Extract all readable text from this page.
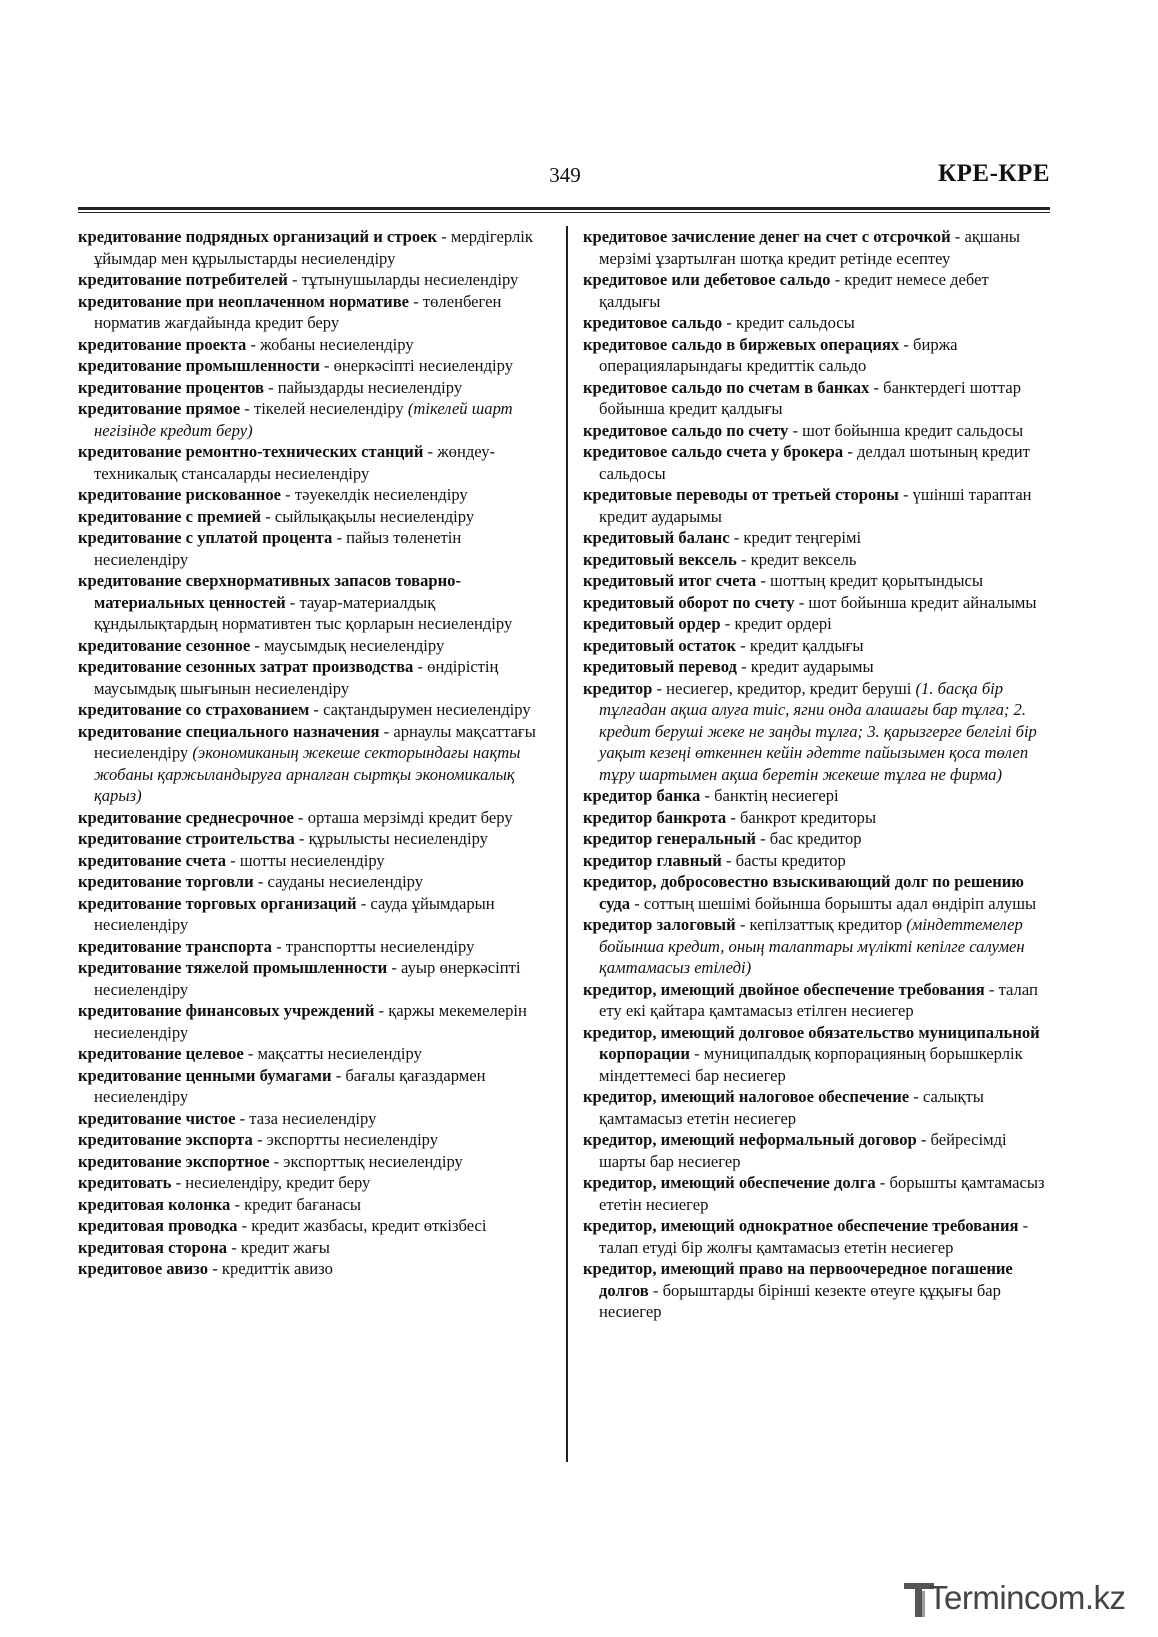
349	КРЕ-КРЕ

кредитование подрядных организаций и строек - мердігерлік ұйымдар мен құрылыстарды несиелендіру

кредитование потребителей - тұтынушыларды несиелендіру

кредитование при неоплаченном нормативе - төленбеген норматив жағдайында кредит беру

кредитование проекта - жобаны несиелендіру

кредитование промышленности - өнеркәсіпті несиелендіру

кредитование процентов - пайыздарды несиелендіру

кредитование прямое - тікелей несиелендіру (тікелей шарт негізінде кредит беру)

кредитование ремонтно-технических станций - жөндеу-техникалық стансаларды несиелендіру

кредитование рискованное - тәуекелдік несиелендіру

кредитование с премией - сыйлықақылы несиелендіру

кредитование с уплатой процента - пайыз төленетін несиелендіру

кредитование сверхнормативных запасов товарно-материальных ценностей - тауар-материалдық құндылықтардың нормативтен тыс қорларын несиелендіру

кредитование сезонное - маусымдық несиелендіру

кредитование сезонных затрат производства - өндірістің маусымдық шығынын несиелендіру

кредитование со страхованием - сақтандырумен несиелендіру

кредитование специального назначения - арнаулы мақсаттағы несиелендіру (экономиканың жекеше секторындағы нақты жобаны қаржыландыруға арналған сыртқы экономикалық қарыз)

кредитование среднесрочное - орташа мерзімді кредит беру

кредитование строительства - құрылысты несиелендіру

кредитование счета - шотты несиелендіру

кредитование торговли - сауданы несиелендіру

кредитование торговых организаций - сауда ұйымдарын несиелендіру

кредитование транспорта - транспортты несиелендіру

кредитование тяжелой промышленности - ауыр өнеркәсіпті несиелендіру

кредитование финансовых учреждений - қаржы мекемелерін несиелендіру

кредитование целевое - мақсатты несиелендіру

кредитование ценными бумагами - бағалы қағаздармен несиелендіру

кредитование чистое - таза несиелендіру

кредитование экспорта - экспортты несиелендіру

кредитование экспортное - экспорттық несиелендіру

кредитовать - несиелендіру, кредит беру

кредитовая колонка - кредит бағанасы

кредитовая проводка - кредит жазбасы, кредит өткізбесі

кредитовая сторона - кредит жағы

кредитовое авизо - кредиттік авизо

кредитовое зачисление денег на счет с отсрочкой - ақшаны мерзімі ұзартылған шотқа кредит ретінде есептеу

кредитовое или дебетовое сальдо - кредит немесе дебет қалдығы

кредитовое сальдо - кредит сальдосы

кредитовое сальдо в биржевых операциях - биржа операцияларындағы кредиттік сальдо

кредитовое сальдо по счетам в банках - банктердегі шоттар бойынша кредит қалдығы

кредитовое сальдо по счету - шот бойынша кредит сальдосы

кредитовое сальдо счета у брокера - делдал шотының кредит сальдосы

кредитовые переводы от третьей стороны - үшінші тараптан кредит аударымы

кредитовый баланс - кредит теңгерімі

кредитовый вексель - кредит вексель

кредитовый итог счета - шоттың кредит қорытындысы

кредитовый оборот по счету - шот бойынша кредит айналымы

кредитовый ордер - кредит ордері

кредитовый остаток - кредит қалдығы

кредитовый перевод - кредит аударымы

кредитор - несиегер, кредитор, кредит беруші (1. басқа бір тұлғадан ақша алуға тиіс, ягни онда алашағы бар тұлға; 2. кредит беруші жеке не заңды тұлға; 3. қарызгерге белгілі бір уақыт кезеңі өткеннен кейін әдетте пайызымен қоса төлеп тұру шартымен ақша беретін жекеше тұлға не фирма)

кредитор банка - банктің несиегері

кредитор банкрота - банкрот кредиторы

кредитор генеральный - бас кредитор

кредитор главный - басты кредитор

кредитор, добросовестно взыскивающий долг по решению суда - соттың шешімі бойынша борышты адал өндіріп алушы

кредитор залоговый - кепілзаттық кредитор (міндеттемелер бойынша кредит, оның талаптары мүлікті кепілге салумен қамтамасыз етіледі)

кредитор, имеющий двойное обеспечение требования - талап ету екі қайтара қамтамасыз етілген несиегер

кредитор, имеющий долговое обязательство муниципальной корпорации - муниципалдық корпорацияның борышкерлік міндеттемесі бар несиегер

кредитор, имеющий налоговое обеспечение - салықты қамтамасыз ететін несиегер

кредитор, имеющий неформальный договор - бейресімді шарты бар несиегер

кредитор, имеющий обеспечение долга - борышты қамтамасыз ететін несиегер

кредитор, имеющий однократное обеспечение требования - талап етуді бір жолғы қамтамасыз ететін несиегер

кредитор, имеющий право на первоочередное погашение долгов - борыштарды бірінші кезекте өтеуге құқығы бар несиегер

Termincom.kz
